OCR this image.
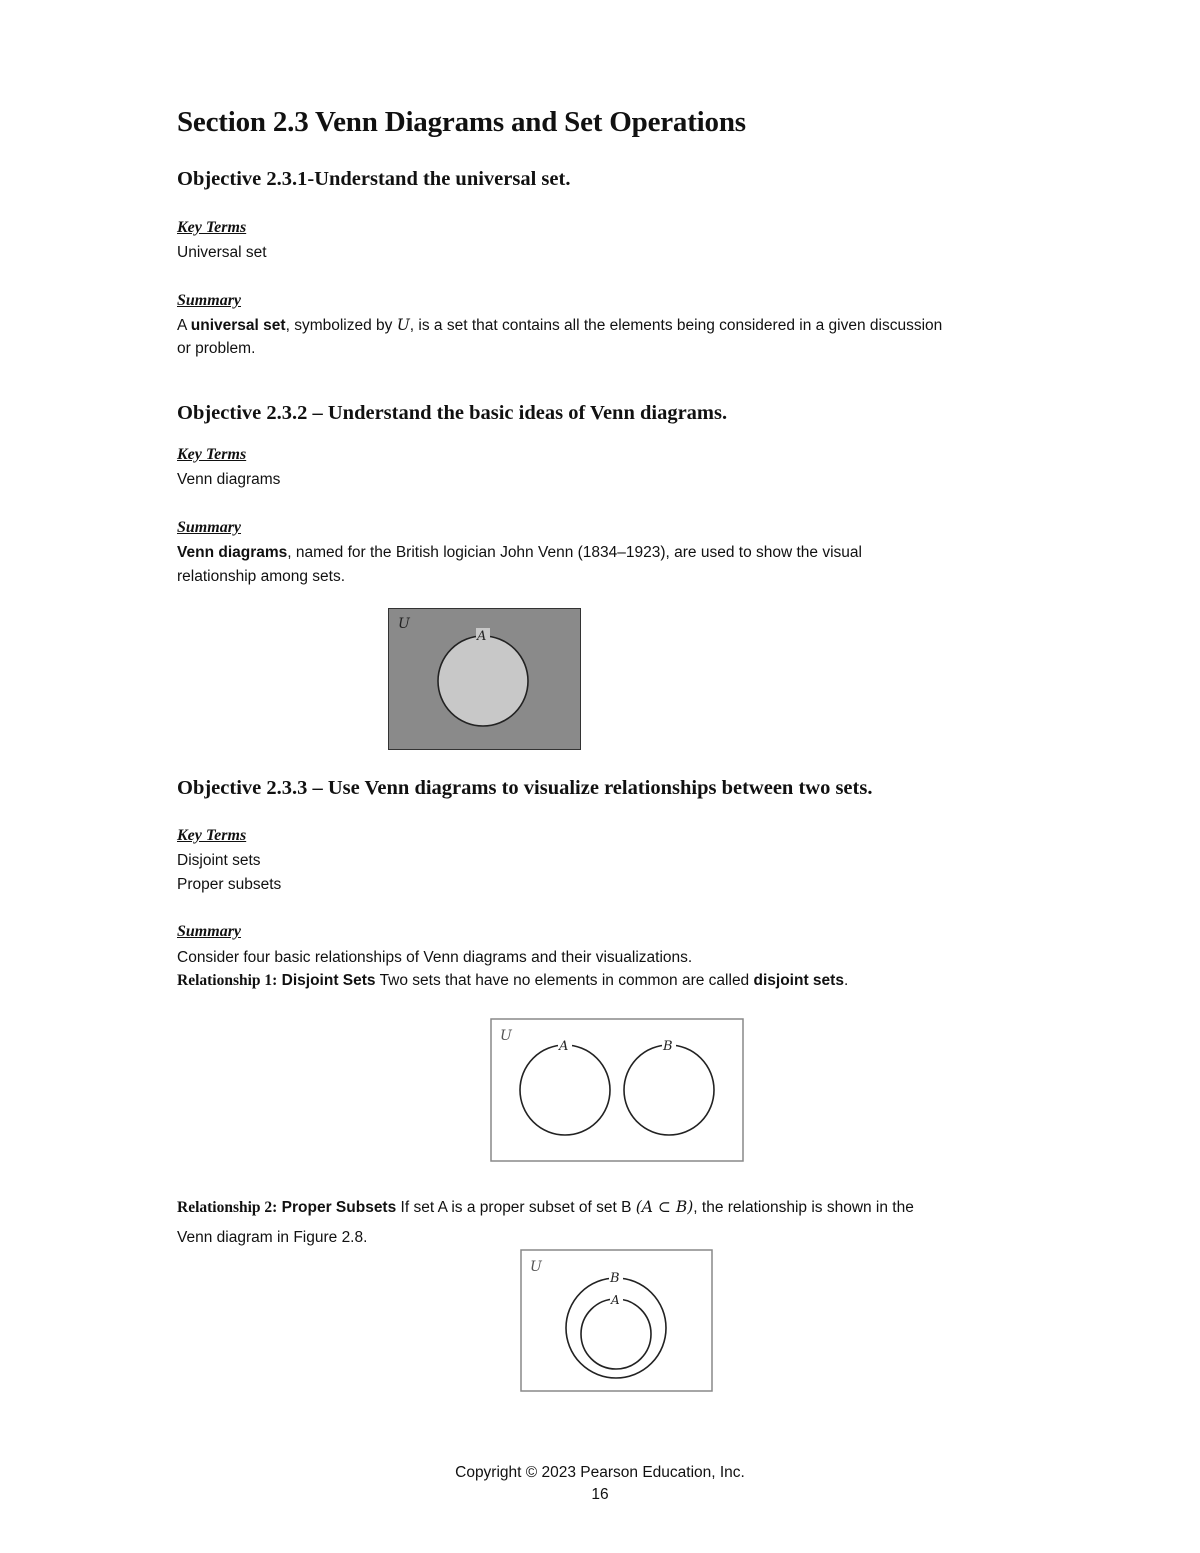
Section 2.3 Venn Diagrams and Set Operations
Objective 2.3.1-Understand the universal set.
Key Terms
Universal set
Summary
A universal set, symbolized by U, is a set that contains all the elements being considered in a given discussion
or problem.
Objective 2.3.2 – Understand the basic ideas of Venn diagrams.
Key Terms
Venn diagrams
Summary
Venn diagrams, named for the British logician John Venn (1834–1923), are used to show the visual
relationship among sets.
U
A
Objective 2.3.3 – Use Venn diagrams to visualize relationships between two sets.
Key Terms
Disjoint sets
Proper subsets
Summary
Consider four basic relationships of Venn diagrams and their visualizations.
Relationship 1: Disjoint Sets Two sets that have no elements in common are called disjoint sets.
U
A	B
Relationship 2: Proper Subsets If set A is a proper subset of set B (A ⊂ B), the relationship is shown in the
Venn diagram in Figure 2.8.
U
B
A
Copyright © 2023 Pearson Education, Inc.
16
